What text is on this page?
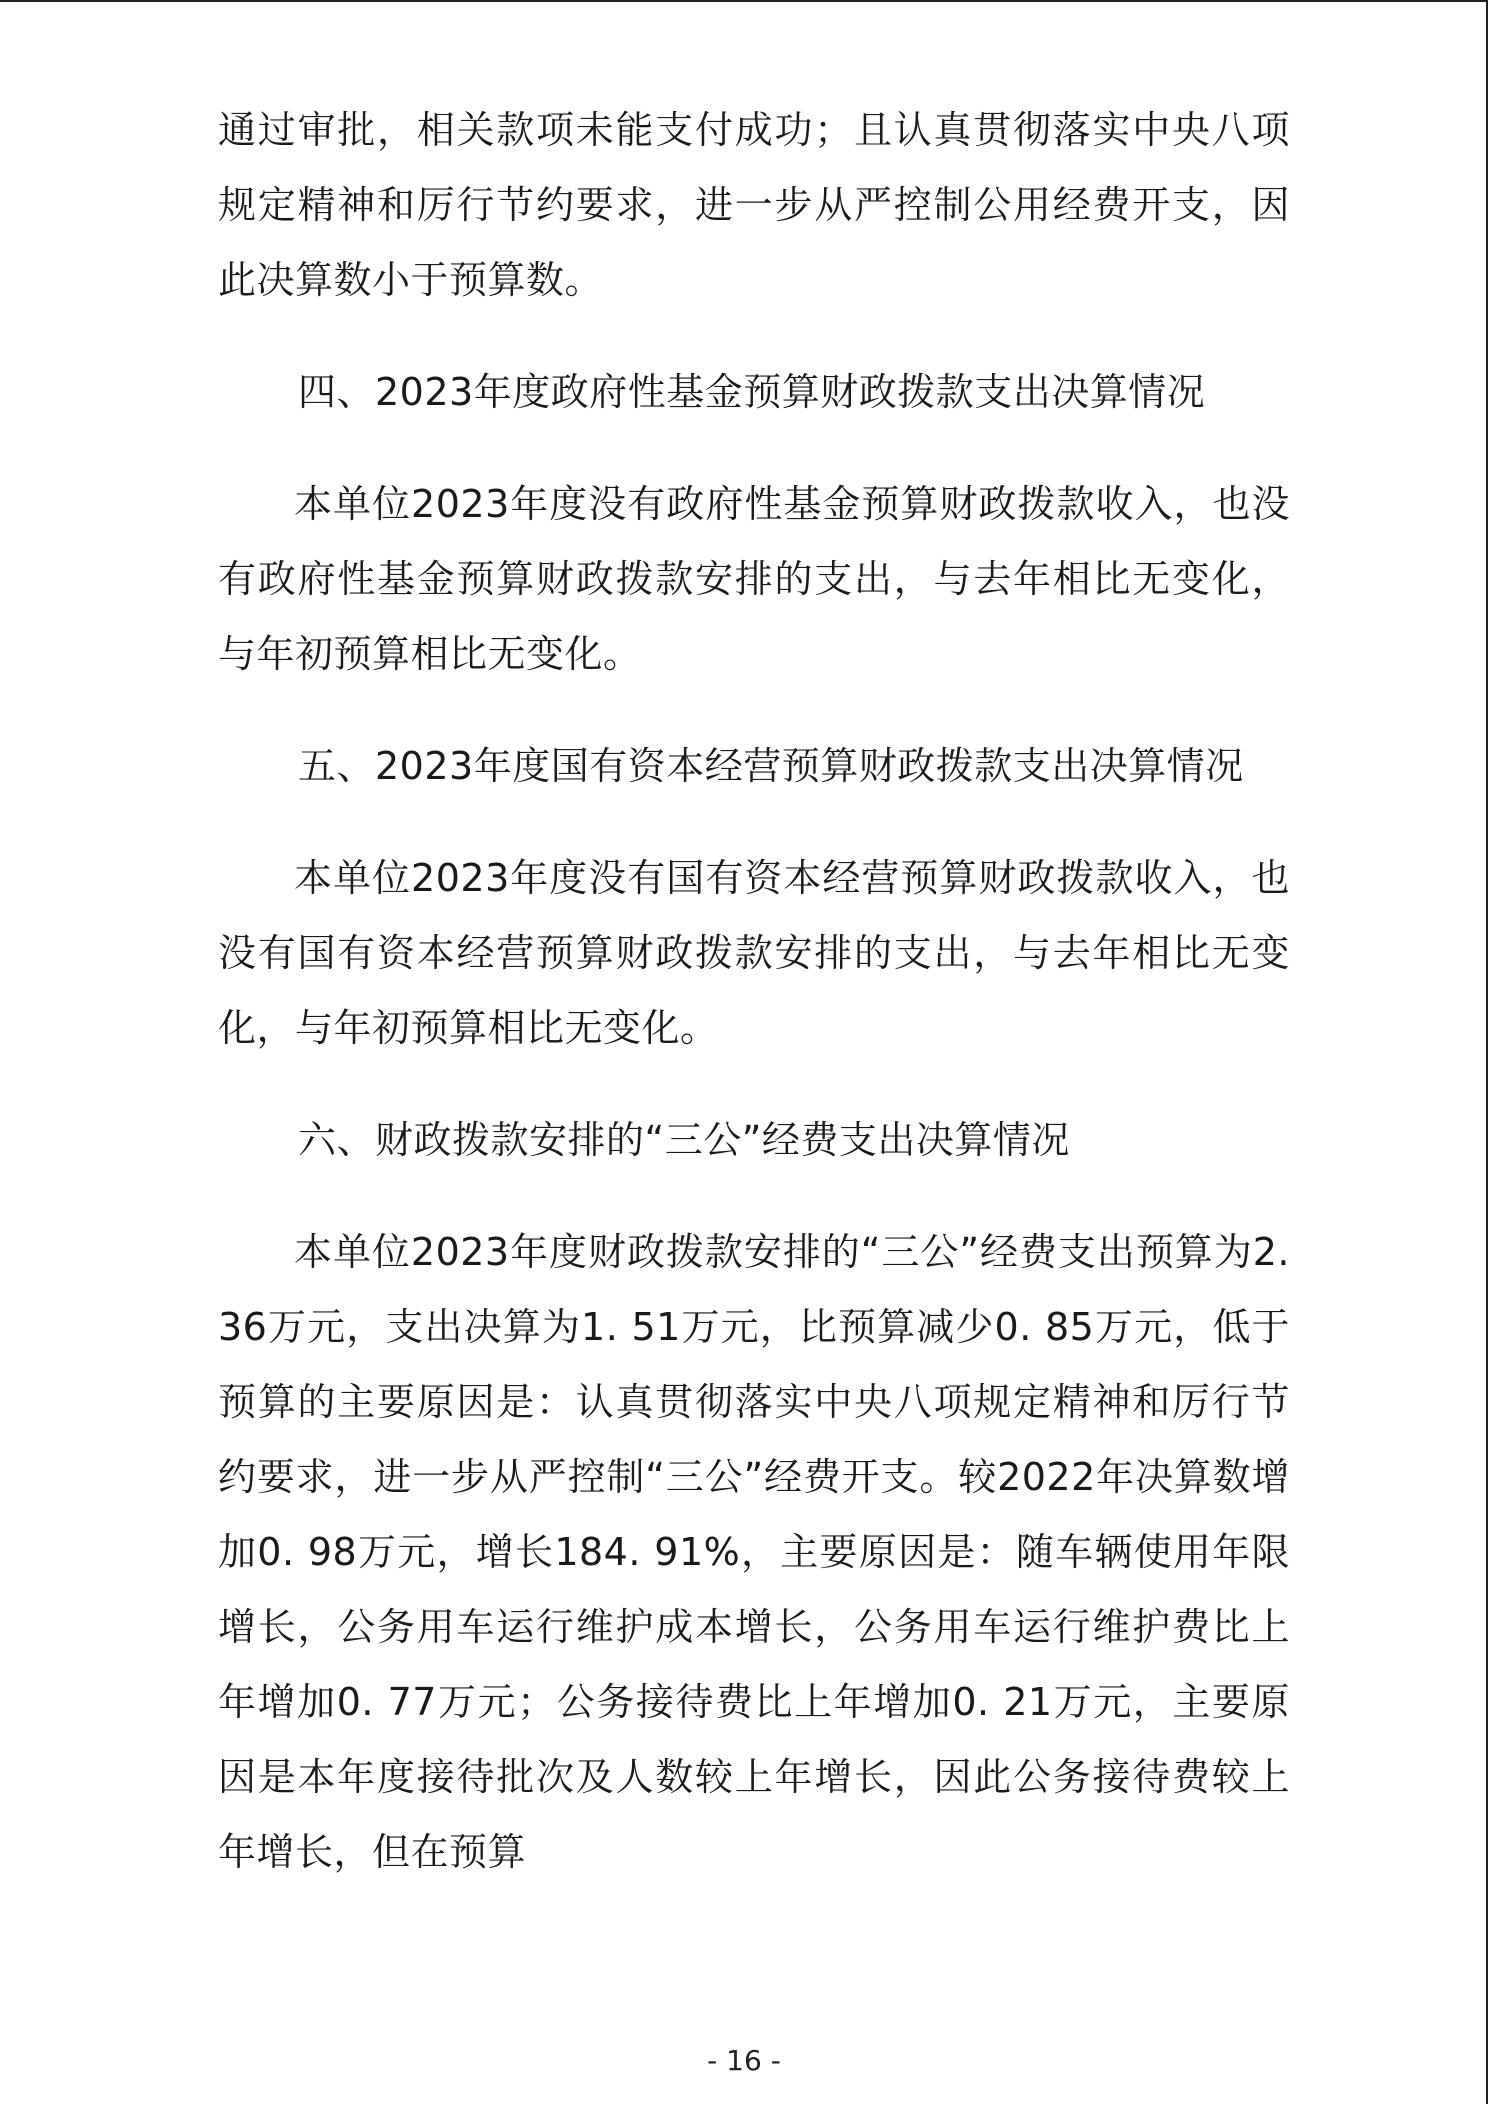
通过审批，相关款项未能支付成功；且认真贯彻落实中央八项规定精神和厉行节约要求，进一步从严控制公用经费开支，因此决算数小于预算数。

四、2023年度政府性基金预算财政拨款支出决算情况

本单位2023年度没有政府性基金预算财政拨款收入，也没有政府性基金预算财政拨款安排的支出，与去年相比无变化，与年初预算相比无变化。

五、2023年度国有资本经营预算财政拨款支出决算情况

本单位2023年度没有国有资本经营预算财政拨款收入，也没有国有资本经营预算财政拨款安排的支出，与去年相比无变化，与年初预算相比无变化。

六、财政拨款安排的“三公”经费支出决算情况

本单位2023年度财政拨款安排的“三公”经费支出预算为2. 36万元，支出决算为1. 51万元，比预算减少0. 85万元，低于预算的主要原因是：认真贯彻落实中央八项规定精神和厉行节约要求，进一步从严控制“三公”经费开支。较2022年决算数增加0. 98万元，增长184. 91%，主要原因是：随车辆使用年限增长，公务用车运行维护成本增长，公务用车运行维护费比上年增加0. 77万元；公务接待费比上年增加0. 21万元，主要原因是本年度接待批次及人数较上年增长，因此公务接待费较上年增长，但在预算

- 16 -
